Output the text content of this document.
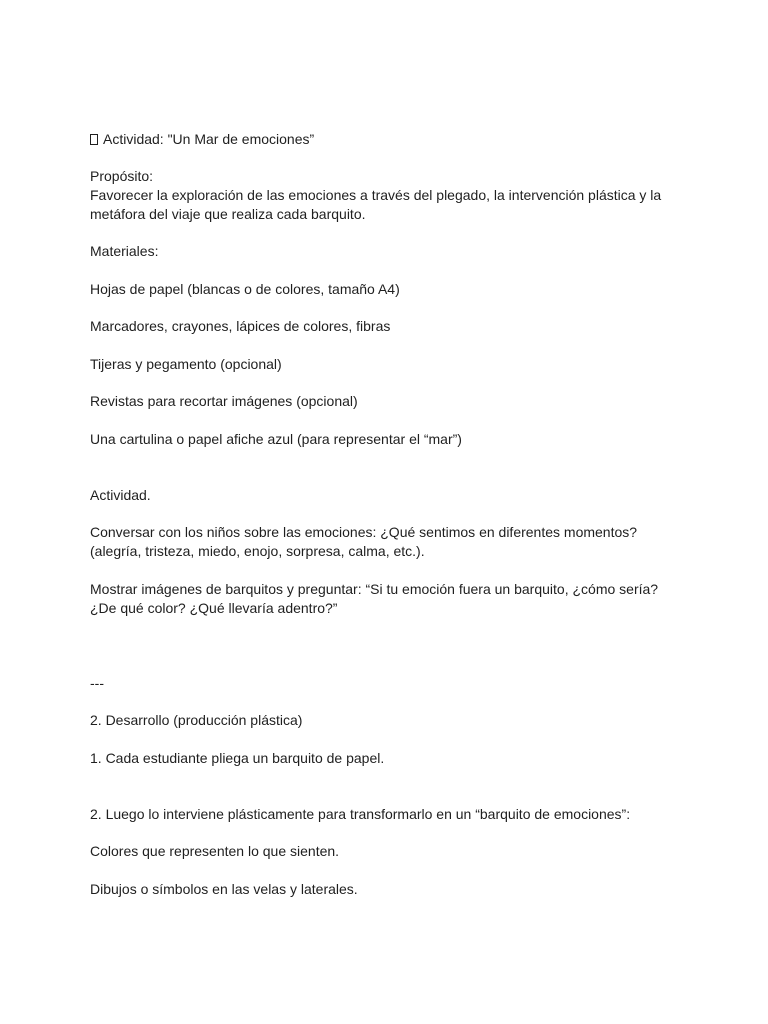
Actividad: "Un Mar de emociones”

Propósito:

Favorecer la exploración de las emociones a través del plegado, la intervención plástica y la

metáfora del viaje que realiza cada barquito.

Materiales:

Hojas de papel (blancas o de colores, tamaño A4)

Marcadores, crayones, lápices de colores, fibras

Tijeras y pegamento (opcional)

Revistas para recortar imágenes (opcional)

Una cartulina o papel afiche azul (para representar el “mar”)

Actividad.

Conversar con los niños sobre las emociones: ¿Qué sentimos en diferentes momentos?

(alegría, tristeza, miedo, enojo, sorpresa, calma, etc.).

Mostrar imágenes de barquitos y preguntar: “Si tu emoción fuera un barquito, ¿cómo sería?

¿De qué color? ¿Qué llevaría adentro?”

---

2. Desarrollo (producción plástica)

1. Cada estudiante pliega un barquito de papel.

2. Luego lo interviene plásticamente para transformarlo en un “barquito de emociones”:

Colores que representen lo que sienten.

Dibujos o símbolos en las velas y laterales.
